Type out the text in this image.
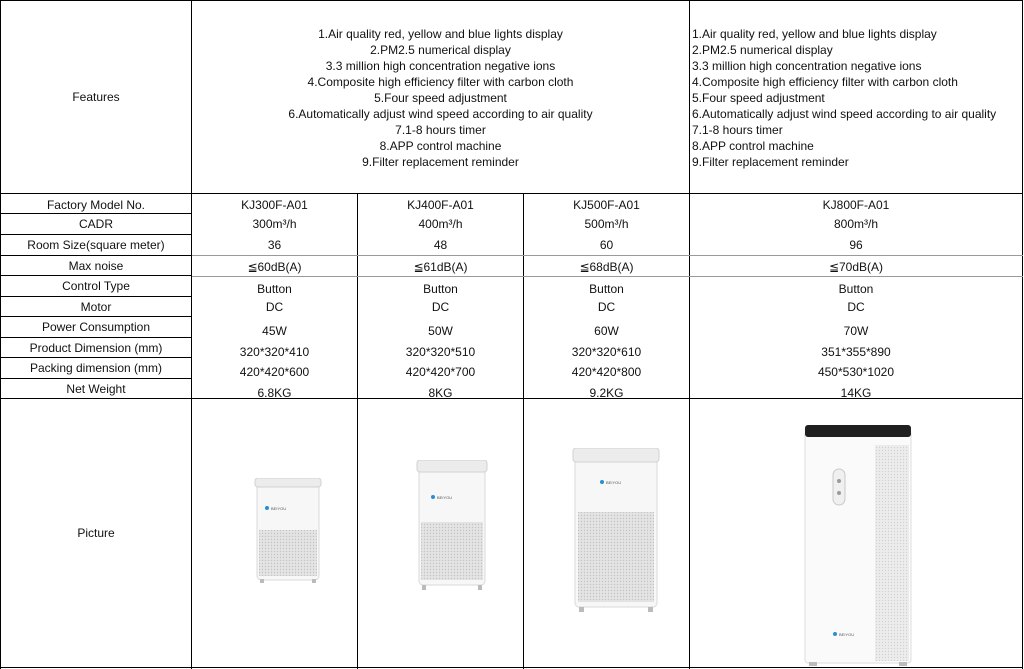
Features
1.Air quality red, yellow and blue lights display
2.PM2.5 numerical display
3.3 million high concentration negative ions
4.Composite high efficiency filter with carbon cloth
5.Four speed adjustment
6.Automatically adjust wind speed according to air quality
7.1-8 hours timer
8.APP control machine
9.Filter replacement reminder
1.Air quality red, yellow and blue lights display
2.PM2.5 numerical display
3.3 million high concentration negative ions
4.Composite high efficiency filter with carbon cloth
5.Four speed adjustment
6.Automatically adjust wind speed according to air quality
7.1-8 hours timer
8.APP control machine
9.Filter replacement reminder
Factory Model No.
CADR
Room Size(square meter)
Max noise
Control Type
Motor
Power Consumption
Product Dimension (mm)
Packing dimension (mm)
Net Weight
Picture
KJ300F-A01
300m³/h
36
≦60dB(A)
Button
DC
45W
320*320*410
420*420*600
6.8KG
KJ400F-A01
400m³/h
48
≦61dB(A)
Button
DC
50W
320*320*510
420*420*700
8KG
KJ500F-A01
500m³/h
60
≦68dB(A)
Button
DC
60W
320*320*610
420*420*800
9.2KG
KJ800F-A01
800m³/h
96
≦70dB(A)
Button
DC
70W
351*355*890
450*530*1020
14KG
BEIYOU
BEIYOU
BEIYOU
BEIYOU
